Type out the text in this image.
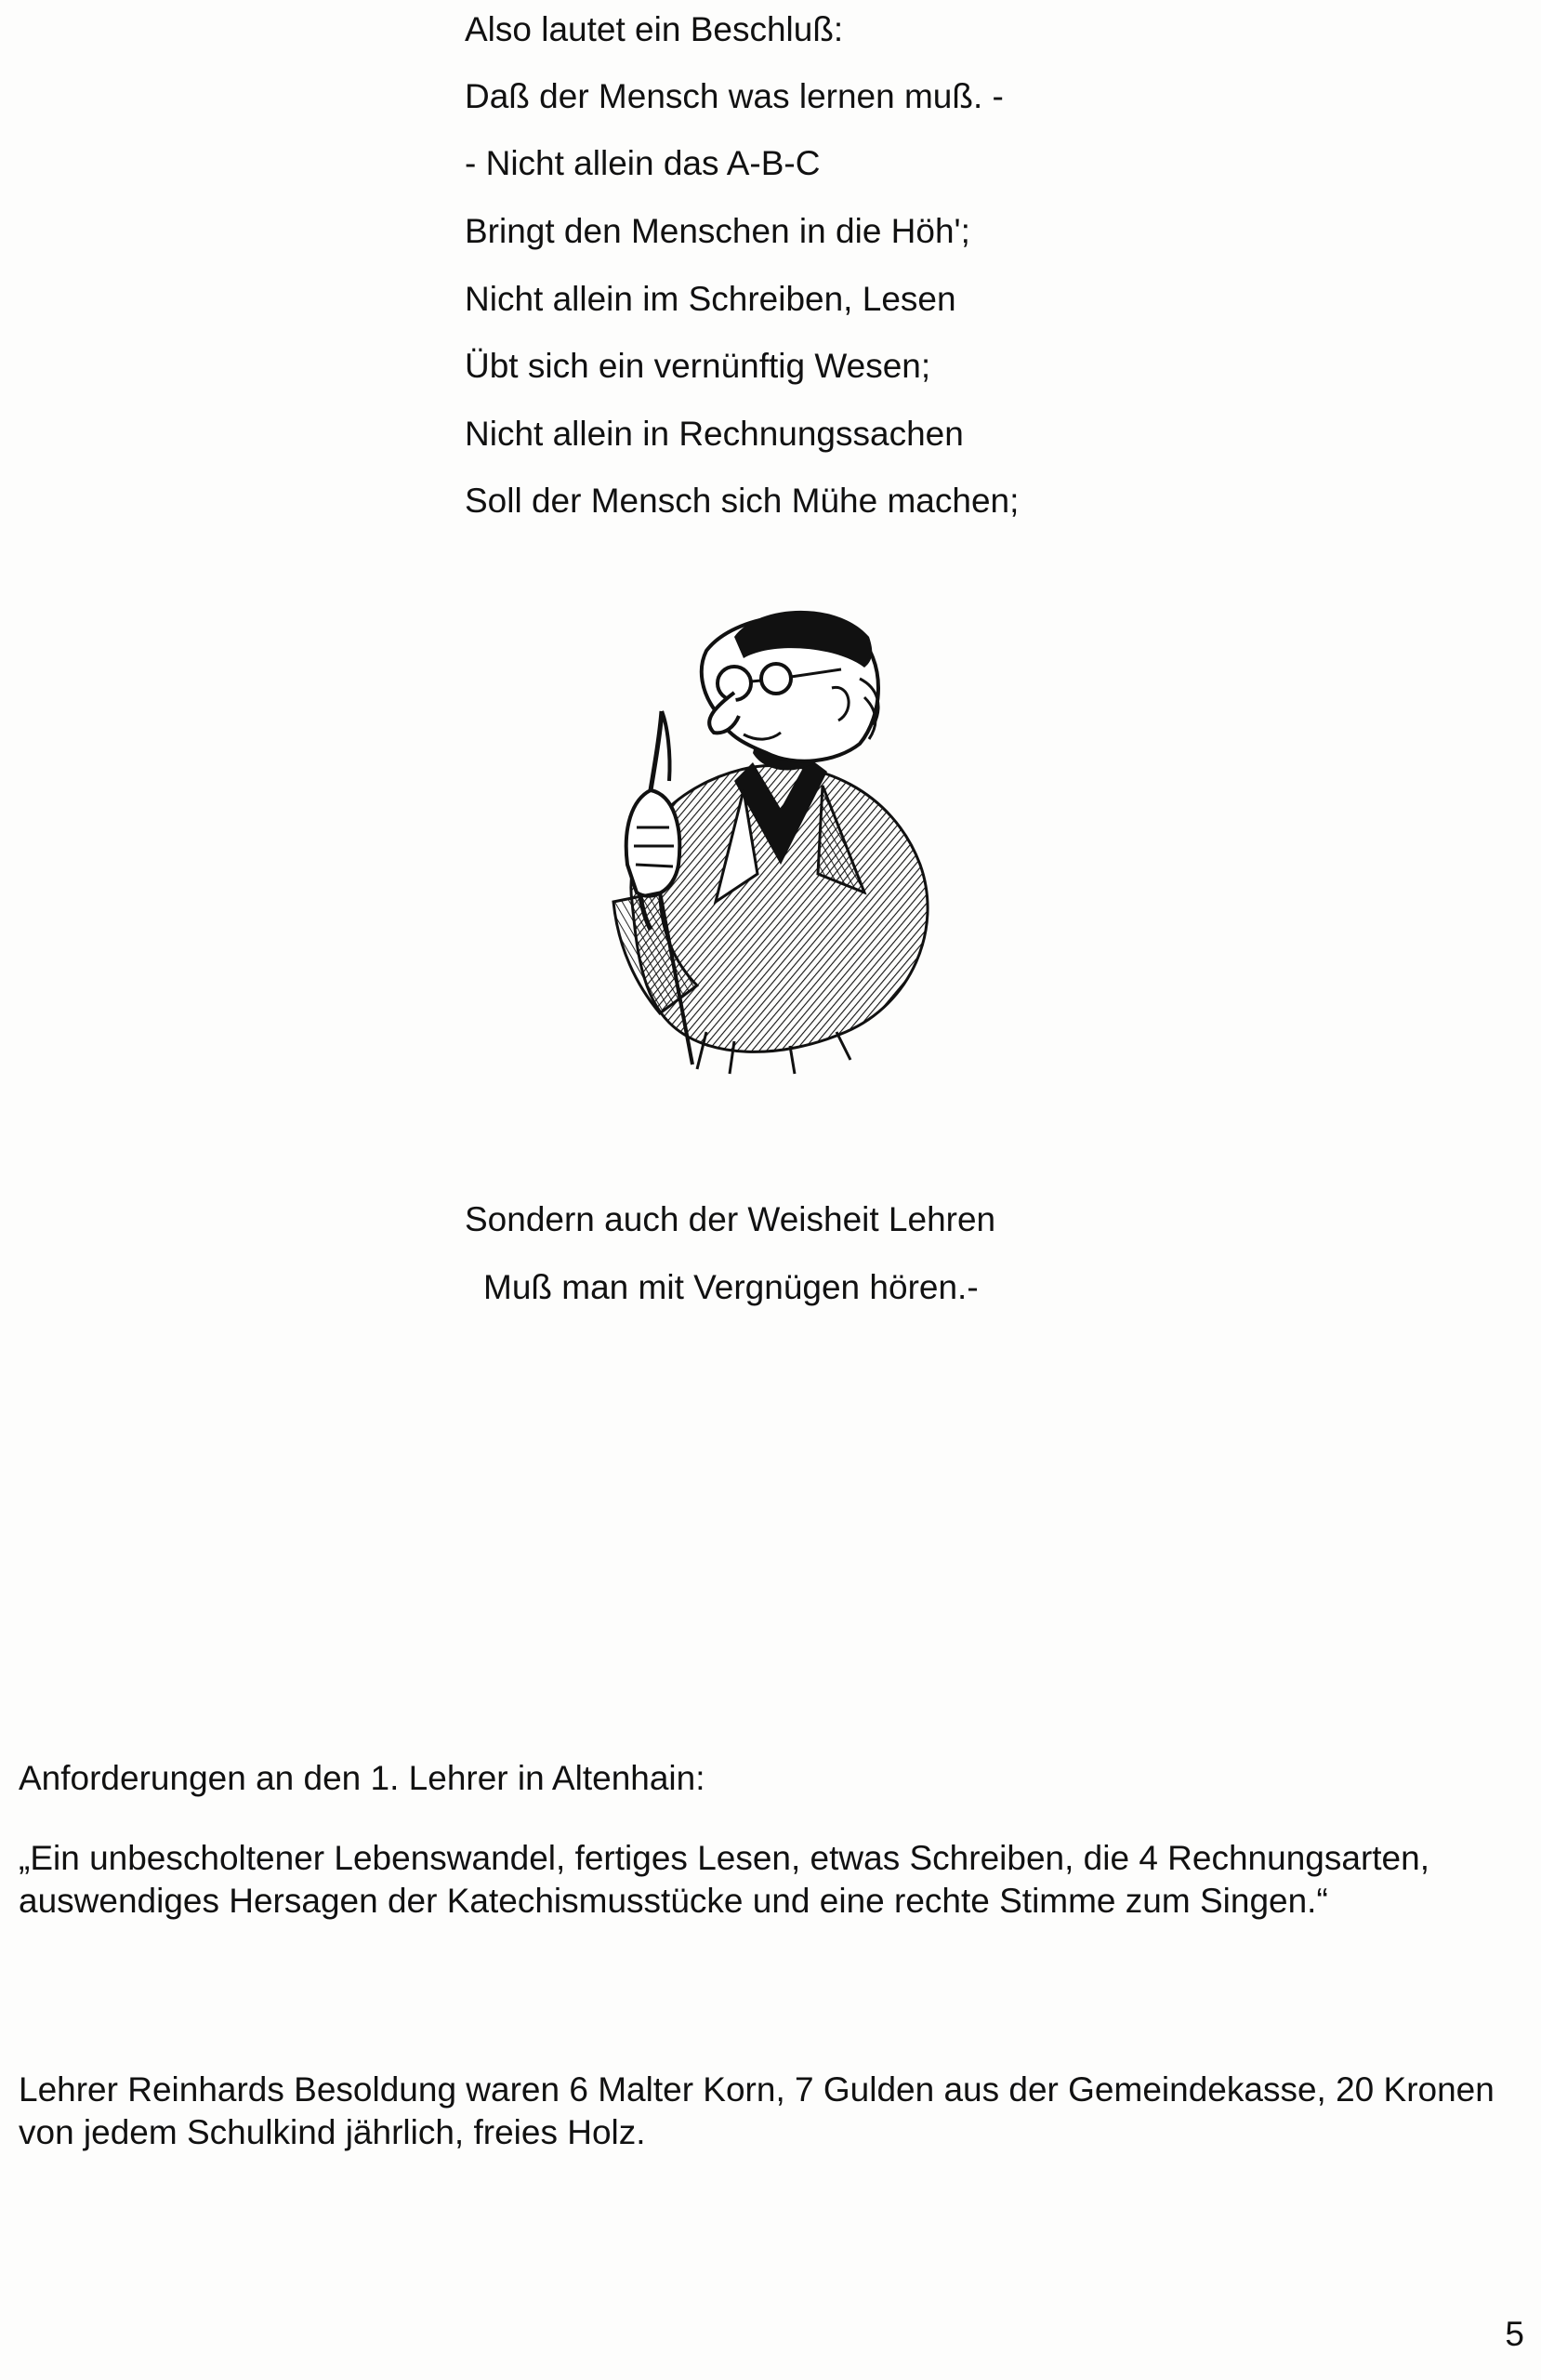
Also lautet ein Beschluß:
Daß der Mensch was lernen muß. -
- Nicht allein das A-B-C
Bringt den Menschen in die Höh';
Nicht allein im Schreiben, Lesen
Übt sich ein vernünftig Wesen;
Nicht allein in Rechnungssachen
Soll der Mensch sich Mühe machen;
Sondern auch der Weisheit Lehren
Muß man mit Vergnügen hören.-
Anforderungen an den 1. Lehrer in Altenhain:
„Ein unbescholtener Lebenswandel, fertiges Lesen, etwas Schreiben, die 4 Rechnungsarten, auswendiges Hersagen der Katechismusstücke und eine rechte Stimme zum Singen.“
Lehrer Reinhards Besoldung waren 6 Malter Korn, 7 Gulden aus der Gemeindekasse, 20 Kronen von jedem Schulkind jährlich, freies Holz.
5
